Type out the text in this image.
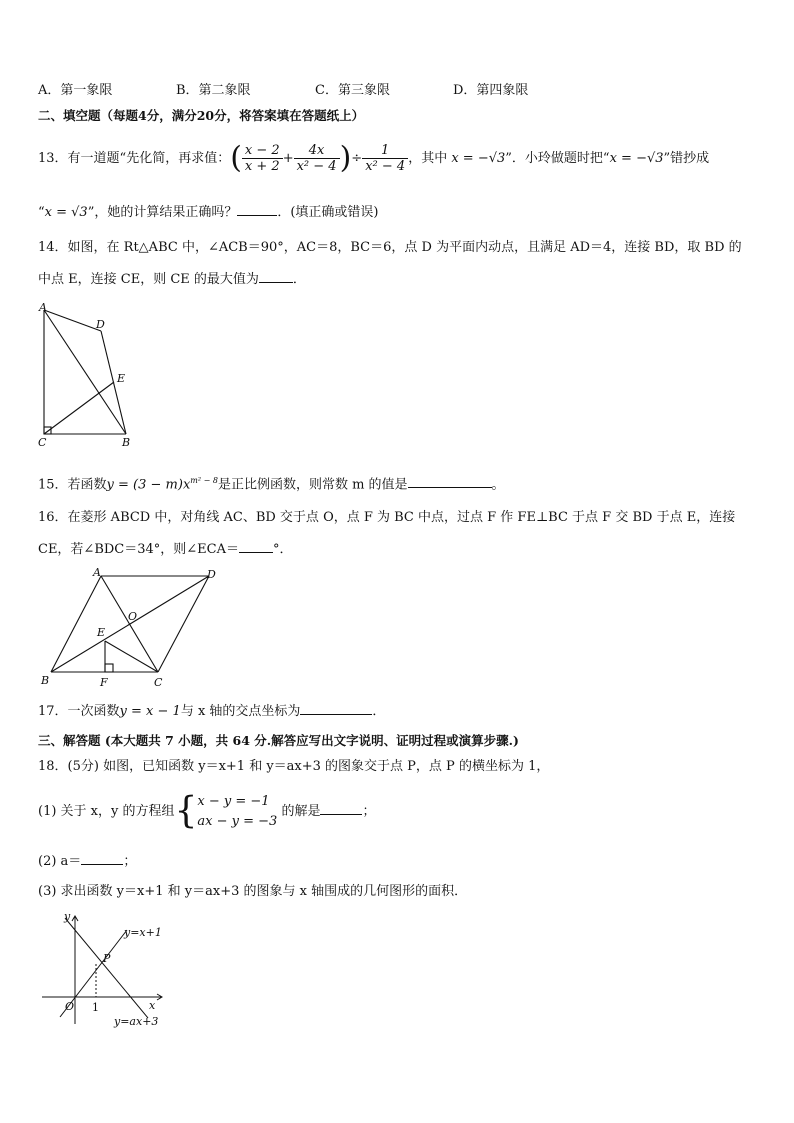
A．第一象限	B．第二象限	C．第三象限	D．第四象限
二、填空题（每题4分，满分20分，将答案填在答题纸上）
13．有一道题“先化简，再求值：( $\frac{x - 2}{x + 2} + \frac{4x}{\text{x² − 4}}$ )÷ $\frac{1}{\text{x² − 4}}$ ，其中 x = −√3”．小玲做题时把“x = −√3”错抄成
“x = √3”，她的计算结果正确吗？	．(填正确或错误)
14．如图，在 Rt△ABC 中，∠ACB＝90°，AC＝8，BC＝6，点 D 为平面内动点，且满足 AD＝4，连接 BD，取 BD 的
中点 E，连接 CE，则 CE 的最大值为	．
A
D
E
C	B
15．若函数$y = (3 - m)x^{m^2 - 8}$是正比例函数，则常数 m 的值是	。
16．在菱形 ABCD 中，对角线 AC、BD 交于点 O，点 F 为 BC 中点，过点 F 作 FE⊥BC 于点 F 交 BD 于点 E，连接
CE，若∠BDC＝34°，则∠ECA＝	°．
A	D
O
E
B	F	C
17．一次函数y = x − 1与 x 轴的交点坐标为	．
三、解答题 (本大题共 7 小题，共 64 分.解答应写出文字说明、证明过程或演算步骤.)
18．(5分) 如图，已知函数 y＝x+1 和 y＝ax+3 的图象交于点 P，点 P 的横坐标为 1，
(1) 关于 x，y 的方程组{ x − y = −1
ax − y = −3
的解是	；
(2) a＝	；
(3) 求出函数 y＝x+1 和 y＝ax+3 的图象与 x 轴围成的几何图形的面积．
y
x
O 1
P
y=x+1
y=ax+3
